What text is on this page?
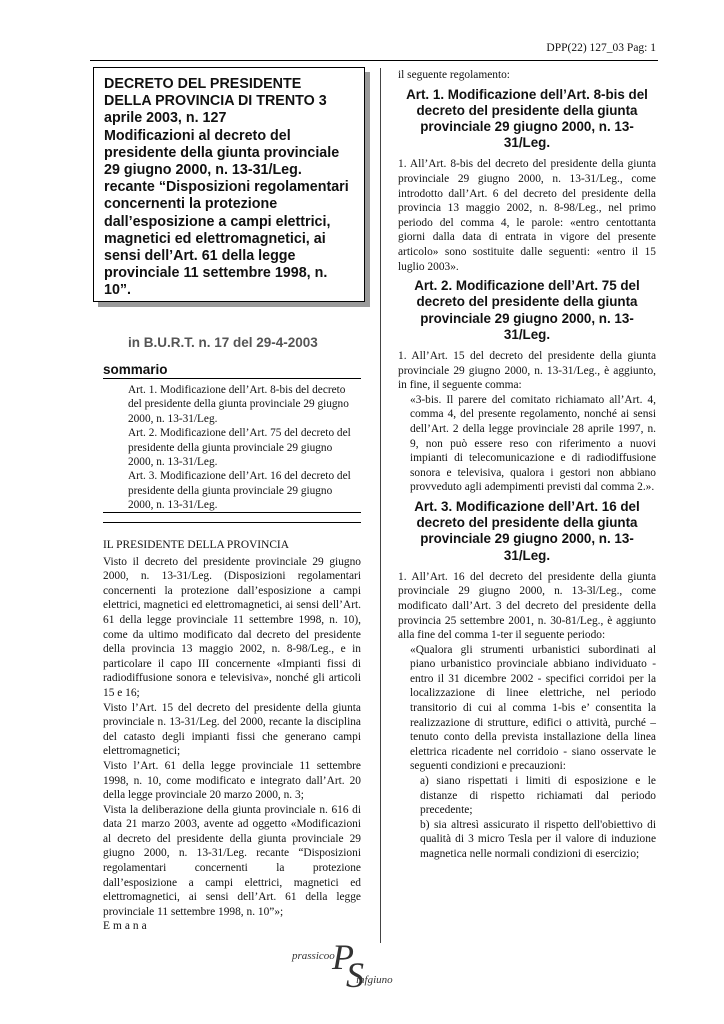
DPP(22) 127_03 Pag: 1
DECRETO DEL PRESIDENTE
DELLA PROVINCIA DI TRENTO 3
aprile 2003, n. 127
Modificazioni al decreto del
presidente della giunta provinciale
29 giugno 2000, n. 13-31/Leg.
recante “Disposizioni regolamentari
concernenti la protezione
dall’esposizione a campi elettrici,
magnetici ed elettromagnetici, ai
sensi dell’Art. 61 della legge
provinciale 11 settembre 1998, n.
10”.
in B.U.R.T. n. 17 del 29-4-2003
sommario
Art. 1. Modificazione dell’Art. 8-bis del decreto del presidente della giunta provinciale 29 giugno 2000, n. 13-31/Leg.
Art. 2. Modificazione dell’Art. 75 del decreto del presidente della giunta provinciale 29 giugno 2000, n. 13-31/Leg.
Art. 3. Modificazione dell’Art. 16 del decreto del presidente della giunta provinciale 29 giugno 2000, n. 13-31/Leg.

IL PRESIDENTE DELLA PROVINCIA

Visto il decreto del presidente provinciale 29 giugno 2000, n. 13-31/Leg. (Disposizioni regolamentari concernenti la protezione dall’esposizione a campi elettrici, magnetici ed elettromagnetici, ai sensi dell’Art. 61 della legge provinciale 11 settembre 1998, n. 10), come da ultimo modificato dal decreto del presidente della provincia 13 maggio 2002, n. 8-98/Leg., e in particolare il capo III concernente «Impianti fissi di radiodiffusione sonora e televisiva», nonché gli articoli 15 e 16;

Visto l’Art. 15 del decreto del presidente della giunta provinciale n. 13-31/Leg. del 2000, recante la disciplina del catasto degli impianti fissi che generano campi elettromagnetici;

Visto l’Art. 61 della legge provinciale 11 settembre 1998, n. 10, come modificato e integrato dall’Art. 20 della legge provinciale 20 marzo 2000, n. 3;

Vista la deliberazione della giunta provinciale n. 616 di data 21 marzo 2003, avente ad oggetto «Modificazioni al decreto del presidente della giunta provinciale 29 giugno 2000, n. 13-31/Leg. recante “Disposizioni regolamentari concernenti la protezione dall’esposizione a campi elettrici, magnetici ed elettromagnetici, ai sensi dell’Art. 61 della legge provinciale 11 settembre 1998, n. 10”»;

Emana

il seguente regolamento:

Art. 1. Modificazione dell’Art. 8-bis del decreto del presidente della giunta provinciale 29 giugno 2000, n. 13-31/Leg.

1. All’Art. 8-bis del decreto del presidente della giunta provinciale 29 giugno 2000, n. 13-31/Leg., come introdotto dall’Art. 6 del decreto del presidente della provincia 13 maggio 2002, n. 8-98/Leg., nel primo periodo del comma 4, le parole: «entro centottanta giorni dalla data di entrata in vigore del presente articolo» sono sostituite dalle seguenti: «entro il 15 luglio 2003».

Art. 2. Modificazione dell’Art. 75 del decreto del presidente della giunta provinciale 29 giugno 2000, n. 13-31/Leg.

1. All’Art. 15 del decreto del presidente della giunta provinciale 29 giugno 2000, n. 13-31/Leg., è aggiunto, in fine, il seguente comma:

«3-bis. Il parere del comitato richiamato all’Art. 4, comma 4, del presente regolamento, nonché ai sensi dell’Art. 2 della legge provinciale 28 aprile 1997, n. 9, non può essere reso con riferimento a nuovi impianti di telecomunicazione e di radiodiffusione sonora e televisiva, qualora i gestori non abbiano provveduto agli adempimenti previsti dal comma 2.».

Art. 3. Modificazione dell’Art. 16 del decreto del presidente della giunta provinciale 29 giugno 2000, n. 13-31/Leg.

1. All’Art. 16 del decreto del presidente della giunta provinciale 29 giugno 2000, n. 13-3l/Leg., come modificato dall’Art. 3 del decreto del presidente della provincia 25 settembre 2001, n. 30-81/Leg., è aggiunto alla fine del comma 1-ter il seguente periodo:

«Qualora gli strumenti urbanistici subordinati al piano urbanistico provinciale abbiano individuato - entro il 31 dicembre 2002 - specifici corridoi per la localizzazione di linee elettriche, nel periodo transitorio di cui al comma 1-bis e’ consentita la realizzazione di strutture, edifici o attività, purché – tenuto conto della prevista installazione della linea elettrica ricadente nel corridoio - siano osservate le seguenti condizioni e precauzioni:

a) siano rispettati i limiti di esposizione e le distanze di rispetto richiamati dal periodo precedente;

b) sia altresì assicurato il rispetto dell'obiettivo di qualità di 3 micro Tesla per il valore di induzione magnetica nelle normali condizioni di esercizio;

prassicoo
P
S
infgiuno
